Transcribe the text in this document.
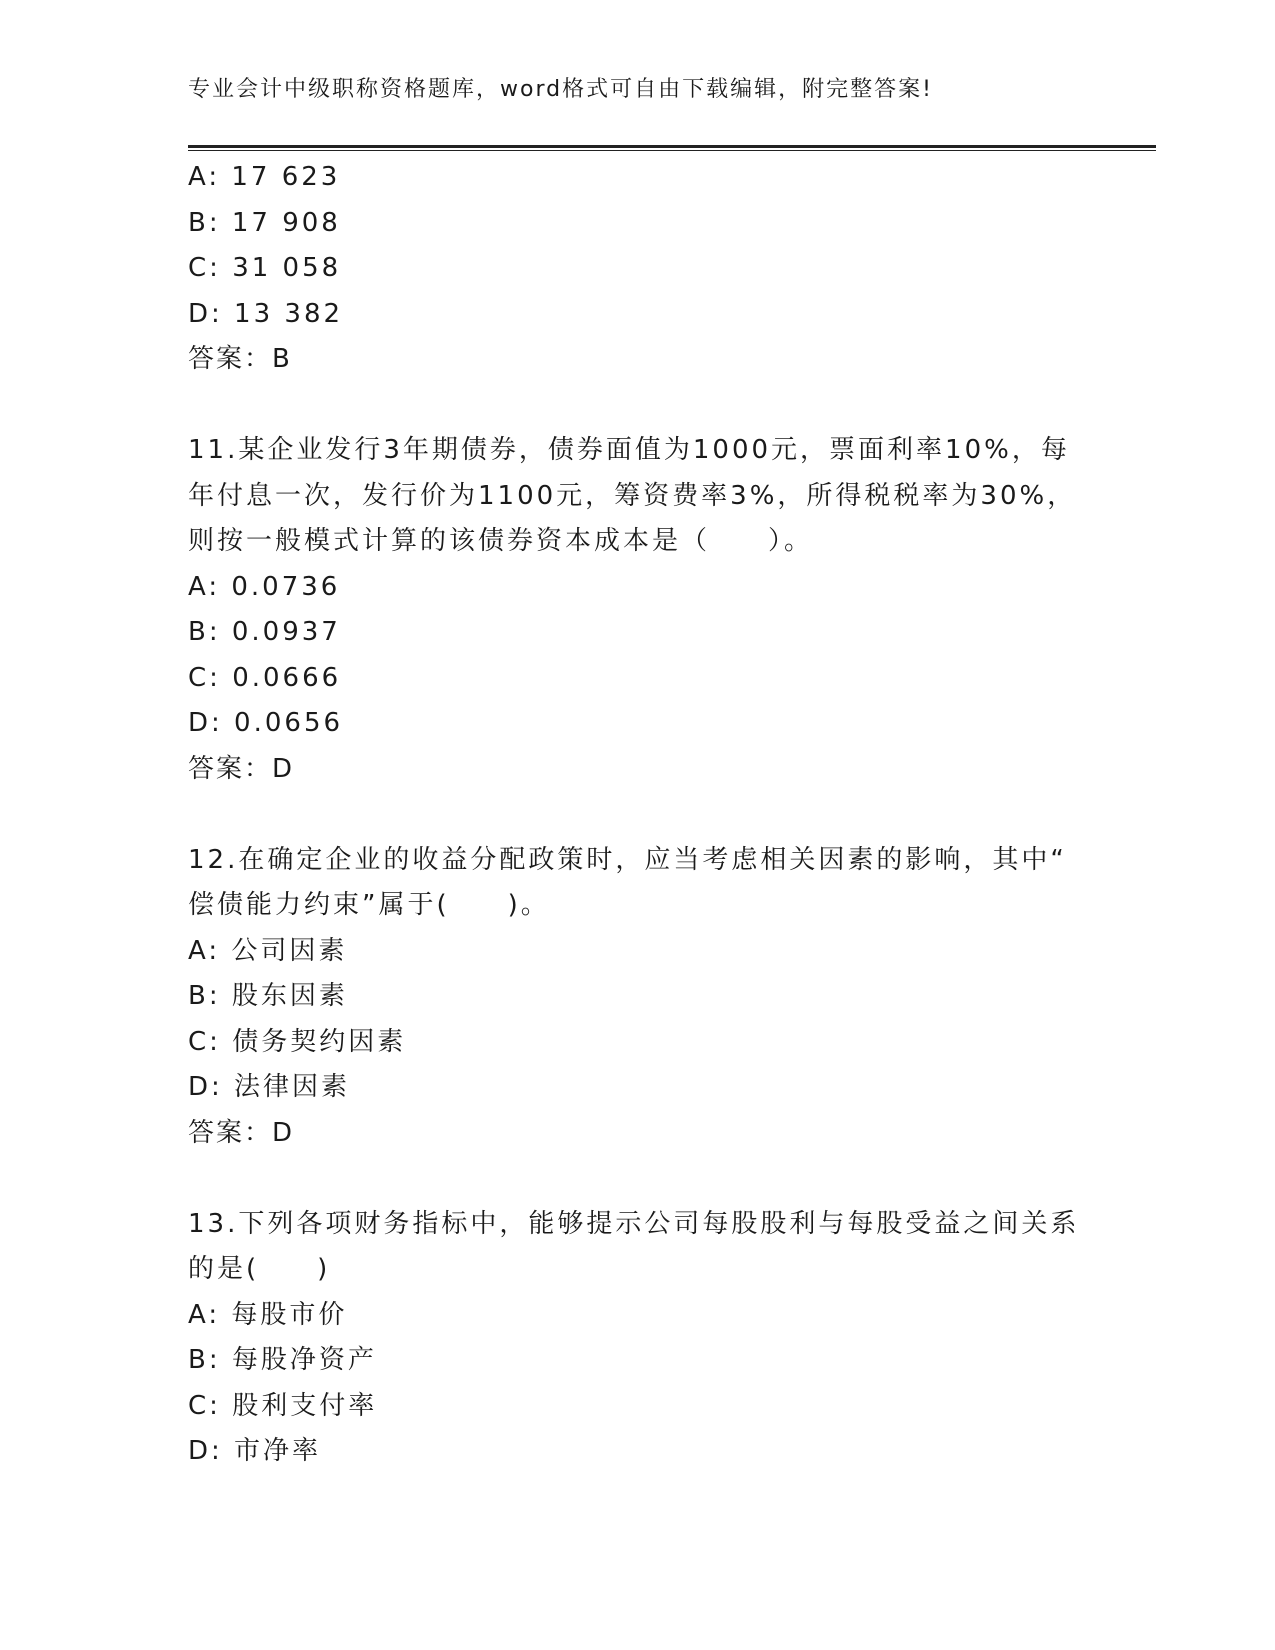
专业会计中级职称资格题库，word格式可自由下载编辑，附完整答案!
A: 17 623
B: 17 908
C: 31 058
D: 13 382
答案：B
11.某企业发行3年期债券，债券面值为1000元，票面利率10%，每
年付息一次，发行价为1100元，筹资费率3%，所得税税率为30%，
则按一般模式计算的该债券资本成本是（　　）。
A: 0.0736
B: 0.0937
C: 0.0666
D: 0.0656
答案：D
12.在确定企业的收益分配政策时，应当考虑相关因素的影响，其中“
偿债能力约束”属于(　　)。
A: 公司因素
B: 股东因素
C: 债务契约因素
D: 法律因素
答案：D
13.下列各项财务指标中，能够提示公司每股股利与每股受益之间关系
的是(　　)
A: 每股市价
B: 每股净资产
C: 股利支付率
D: 市净率
